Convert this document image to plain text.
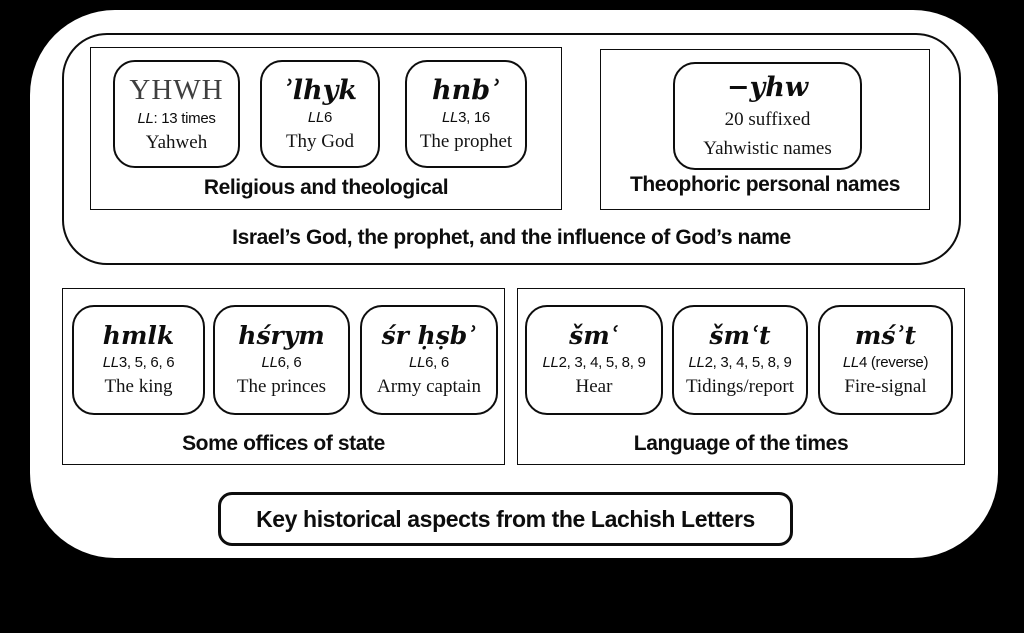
YHWH
LL: 13 times
Yahweh
ʾlhyk
LL6
Thy God
hnbʾ
LL3, 16
The prophet
Religious and theological
−yhw
20 suffixed
Yahwistic names
Theophoric personal names
Israel’s God, the prophet, and the influence of God’s name
hmlk
LL3, 5, 6, 6
The king
hśrym
LL6, 6
The princes
śr ḥṣbʾ
LL6, 6
Army captain
Some offices of state
šmʿ
LL2, 3, 4, 5, 8, 9
Hear
šmʿt
LL2, 3, 4, 5, 8, 9
Tidings/report
mśʾt
LL4 (reverse)
Fire-signal
Language of the times
Key historical aspects from the Lachish Letters
